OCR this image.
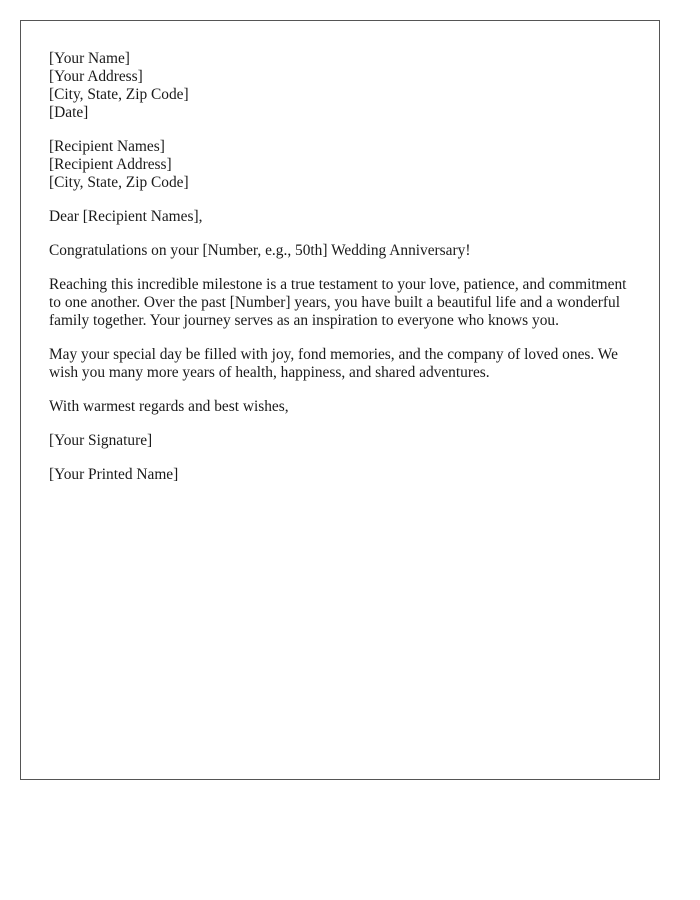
[Your Name]
[Your Address]
[City, State, Zip Code]
[Date]
[Recipient Names]
[Recipient Address]
[City, State, Zip Code]

Dear [Recipient Names],

Congratulations on your [Number, e.g., 50th] Wedding Anniversary!

Reaching this incredible milestone is a true testament to your love, patience, and commitment to one another. Over the past [Number] years, you have built a beautiful life and a wonderful family together. Your journey serves as an inspiration to everyone who knows you.

May your special day be filled with joy, fond memories, and the company of loved ones. We wish you many more years of health, happiness, and shared adventures.

With warmest regards and best wishes,

[Your Signature]

[Your Printed Name]
